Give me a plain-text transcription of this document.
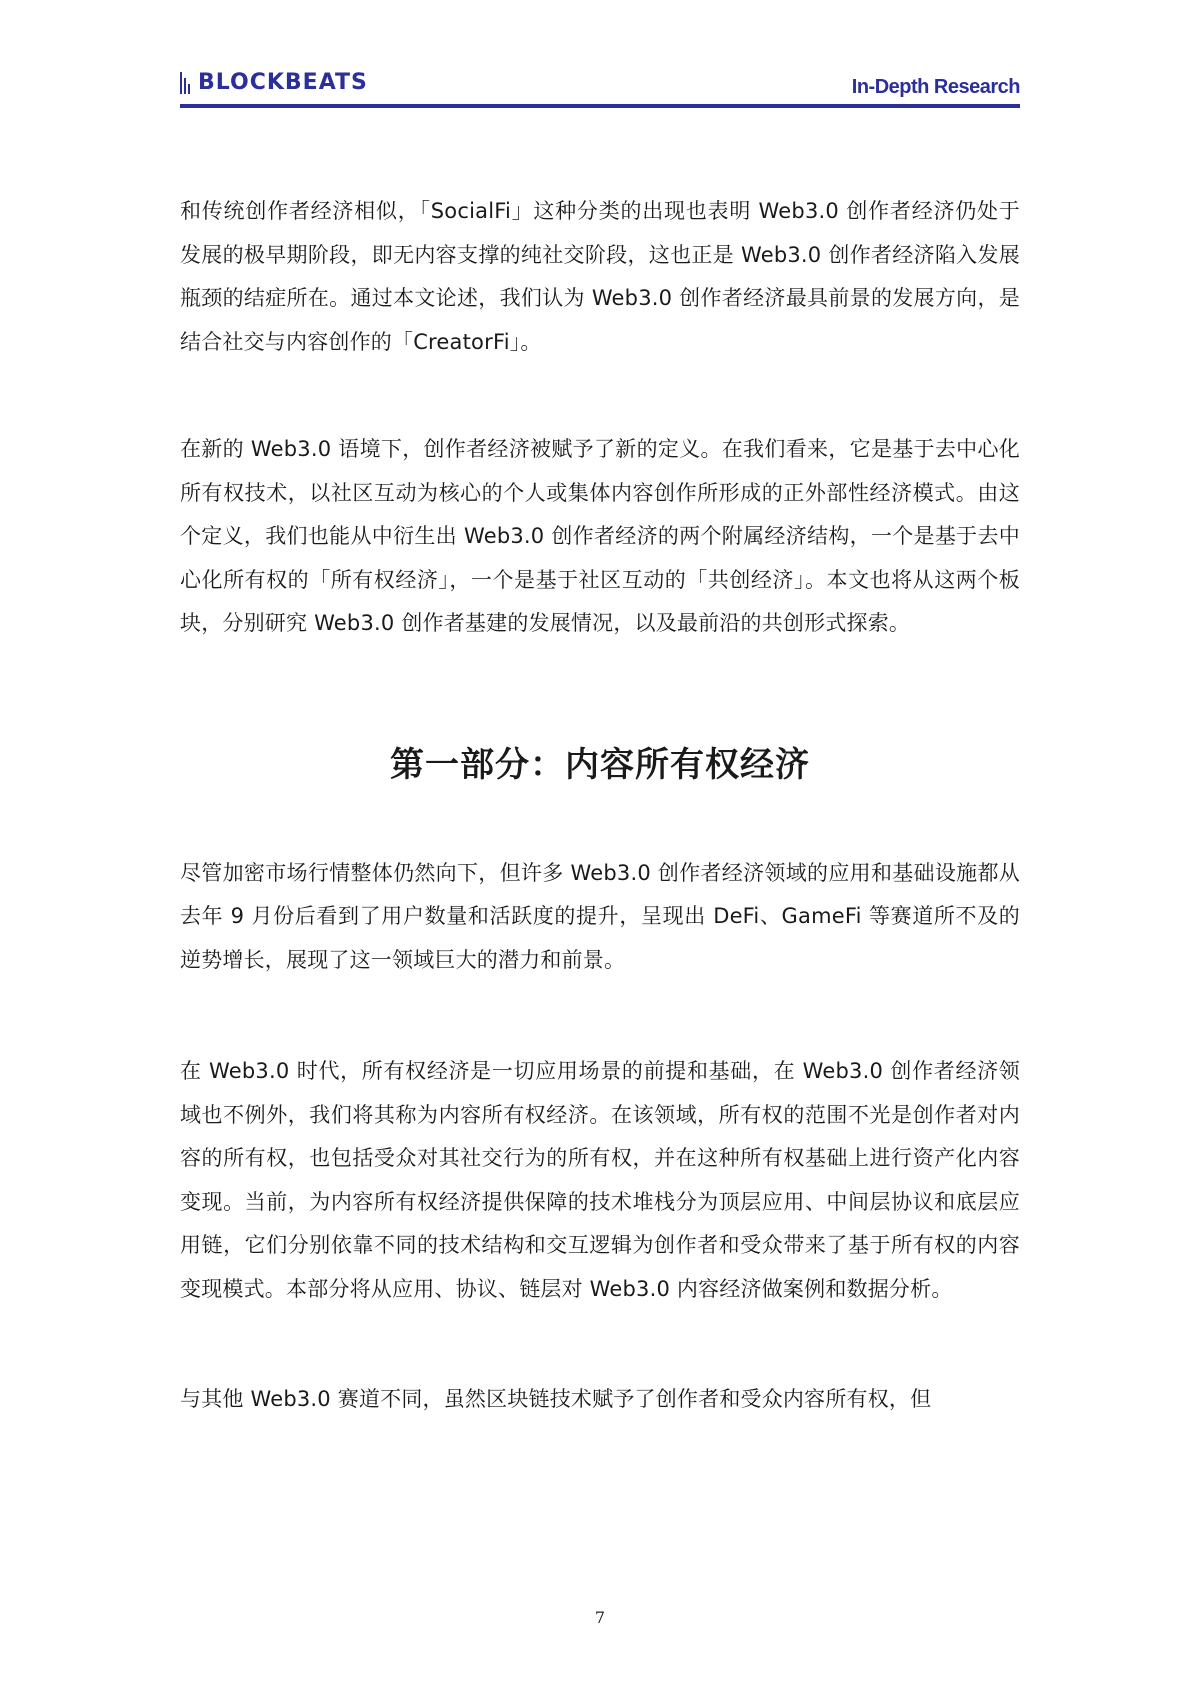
BLOCKBEATS	In-Depth Research

和传统创作者经济相似，「SocialFi」这种分类的出现也表明 Web3.0 创作者经济仍处于发展的极早期阶段，即无内容支撑的纯社交阶段，这也正是 Web3.0 创作者经济陷入发展瓶颈的结症所在。通过本文论述，我们认为 Web3.0 创作者经济最具前景的发展方向，是结合社交与内容创作的「CreatorFi」。

在新的 Web3.0 语境下，创作者经济被赋予了新的定义。在我们看来，它是基于去中心化所有权技术，以社区互动为核心的个人或集体内容创作所形成的正外部性经济模式。由这个定义，我们也能从中衍生出 Web3.0 创作者经济的两个附属经济结构，一个是基于去中心化所有权的「所有权经济」，一个是基于社区互动的「共创经济」。本文也将从这两个板块，分别研究 Web3.0 创作者基建的发展情况，以及最前沿的共创形式探索。

第一部分：内容所有权经济

尽管加密市场行情整体仍然向下，但许多 Web3.0 创作者经济领域的应用和基础设施都从去年 9 月份后看到了用户数量和活跃度的提升，呈现出 DeFi、GameFi 等赛道所不及的逆势增长，展现了这一领域巨大的潜力和前景。

在 Web3.0 时代，所有权经济是一切应用场景的前提和基础，在 Web3.0 创作者经济领域也不例外，我们将其称为内容所有权经济。在该领域，所有权的范围不光是创作者对内容的所有权，也包括受众对其社交行为的所有权，并在这种所有权基础上进行资产化内容变现。当前，为内容所有权经济提供保障的技术堆栈分为顶层应用、中间层协议和底层应用链，它们分别依靠不同的技术结构和交互逻辑为创作者和受众带来了基于所有权的内容变现模式。本部分将从应用、协议、链层对 Web3.0 内容经济做案例和数据分析。

与其他 Web3.0 赛道不同，虽然区块链技术赋予了创作者和受众内容所有权，但

7
